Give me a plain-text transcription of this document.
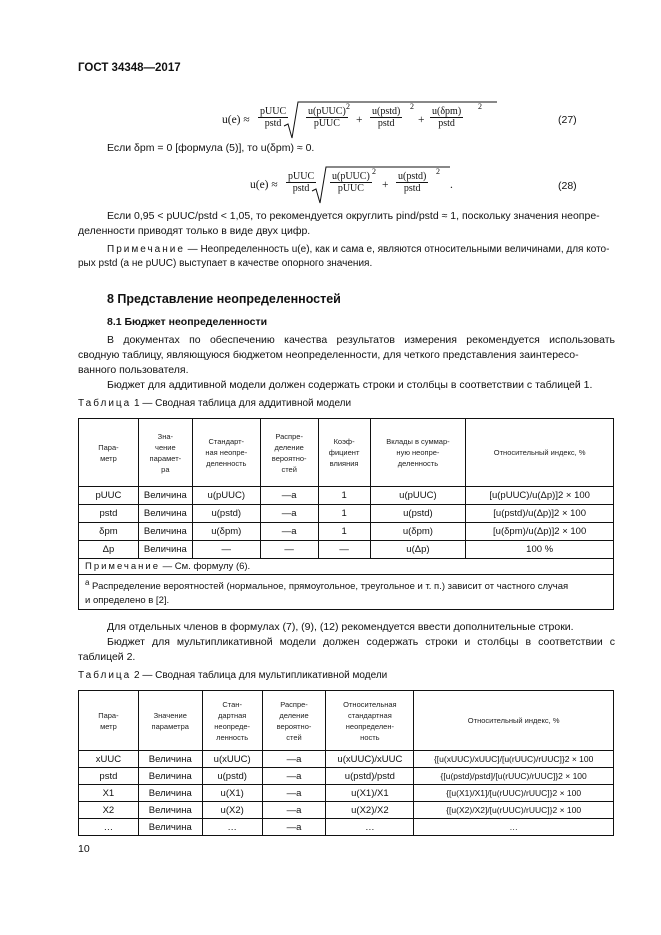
ГОСТ 34348—2017
u(e) ≈
pUUC
pstd
u(pUUC)
pUUC
2
+
u(pstd)
pstd
2
+
u(δpm)
pstd
2
(27)
Если δpm = 0 [формула (5)], то u(δpm) ≈ 0.
u(e) ≈
pUUC
pstd
u(pUUC)
pUUC
2
+
u(pstd)
pstd
2
.	(28)
Если 0,95 < pUUC/pstd < 1,05, то рекомендуется округлить pind/pstd ≈ 1, поскольку значения неопре-
деленности приводят только в виде двух цифр.
Примечание — Неопределенность u(e), как и сама e, являются относительными величинами, для кото-
рых pstd (а не pUUC) выступает в качестве опорного значения.
8 Представление неопределенностей
8.1 Бюджет неопределенности
В документах по обеспечению качества результатов измерения рекомендуется использовать
сводную таблицу, являющуюся бюджетом неопределенности, для четкого представления заинтересо-
ванного пользователя.
Бюджет для аддитивной модели должен содержать строки и столбцы в соответствии с таблицей 1.
Таблица 1 — Сводная таблица для аддитивной модели
Пара-
метр	Зна-
чение
парамет-
ра	Стандарт-
ная неопре-
деленность	Распре-
деление
вероятно-
стей	Коэф-
фициент
влияния	Вклады в суммар-
ную неопре-
деленность	Относительный индекс, %
pUUC	Величина	u(pUUC)	—a	1	u(pUUC)	[u(pUUC)/u(Δp)]2 × 100
pstd	Величина	u(pstd)	—a	1	u(pstd)	[u(pstd)/u(Δp)]2 × 100
δpm	Величина	u(δpm)	—a	1	u(δpm)	[u(δpm)/u(Δp)]2 × 100
Δp	Величина	—	—	—	u(Δp)	100 %
Примечание — См. формулу (6).						

$^a$ Распределение вероятностей (нормальное, прямоугольное, треугольное и т. п.) зависит от частного случая
и определено в [2].						
Для отдельных членов в формулах (7), (9), (12) рекомендуется ввести дополнительные строки.
Бюджет для мультипликативной модели должен содержать строки и столбцы в соответствии с
таблицей 2.
Таблица 2 — Сводная таблица для мультипликативной модели
Пара-
метр	Значение
параметра	Стан-
дартная
неопреде-
ленность	Распре-
деление
вероятно-
стей	Относительная
стандартная
неопределен-
ность	Относительный индекс, %
xUUC	Величина	u(xUUC)	—a	u(xUUC)/xUUC	{[u(xUUC)/xUUC]/[u(rUUC)/rUUC]}2 × 100
pstd	Величина	u(pstd)	—a	u(pstd)/pstd	{[u(pstd)/pstd]/[u(rUUC)/rUUC]}2 × 100
X1	Величина	u(X1)	—a	u(X1)/X1	{[u(X1)/X1]/[u(rUUC)/rUUC]}2 × 100
X2	Величина	u(X2)	—a	u(X2)/X2	{[u(X2)/X2]/[u(rUUC)/rUUC]}2 × 100
…	Величина	…	—a	…	…
10
